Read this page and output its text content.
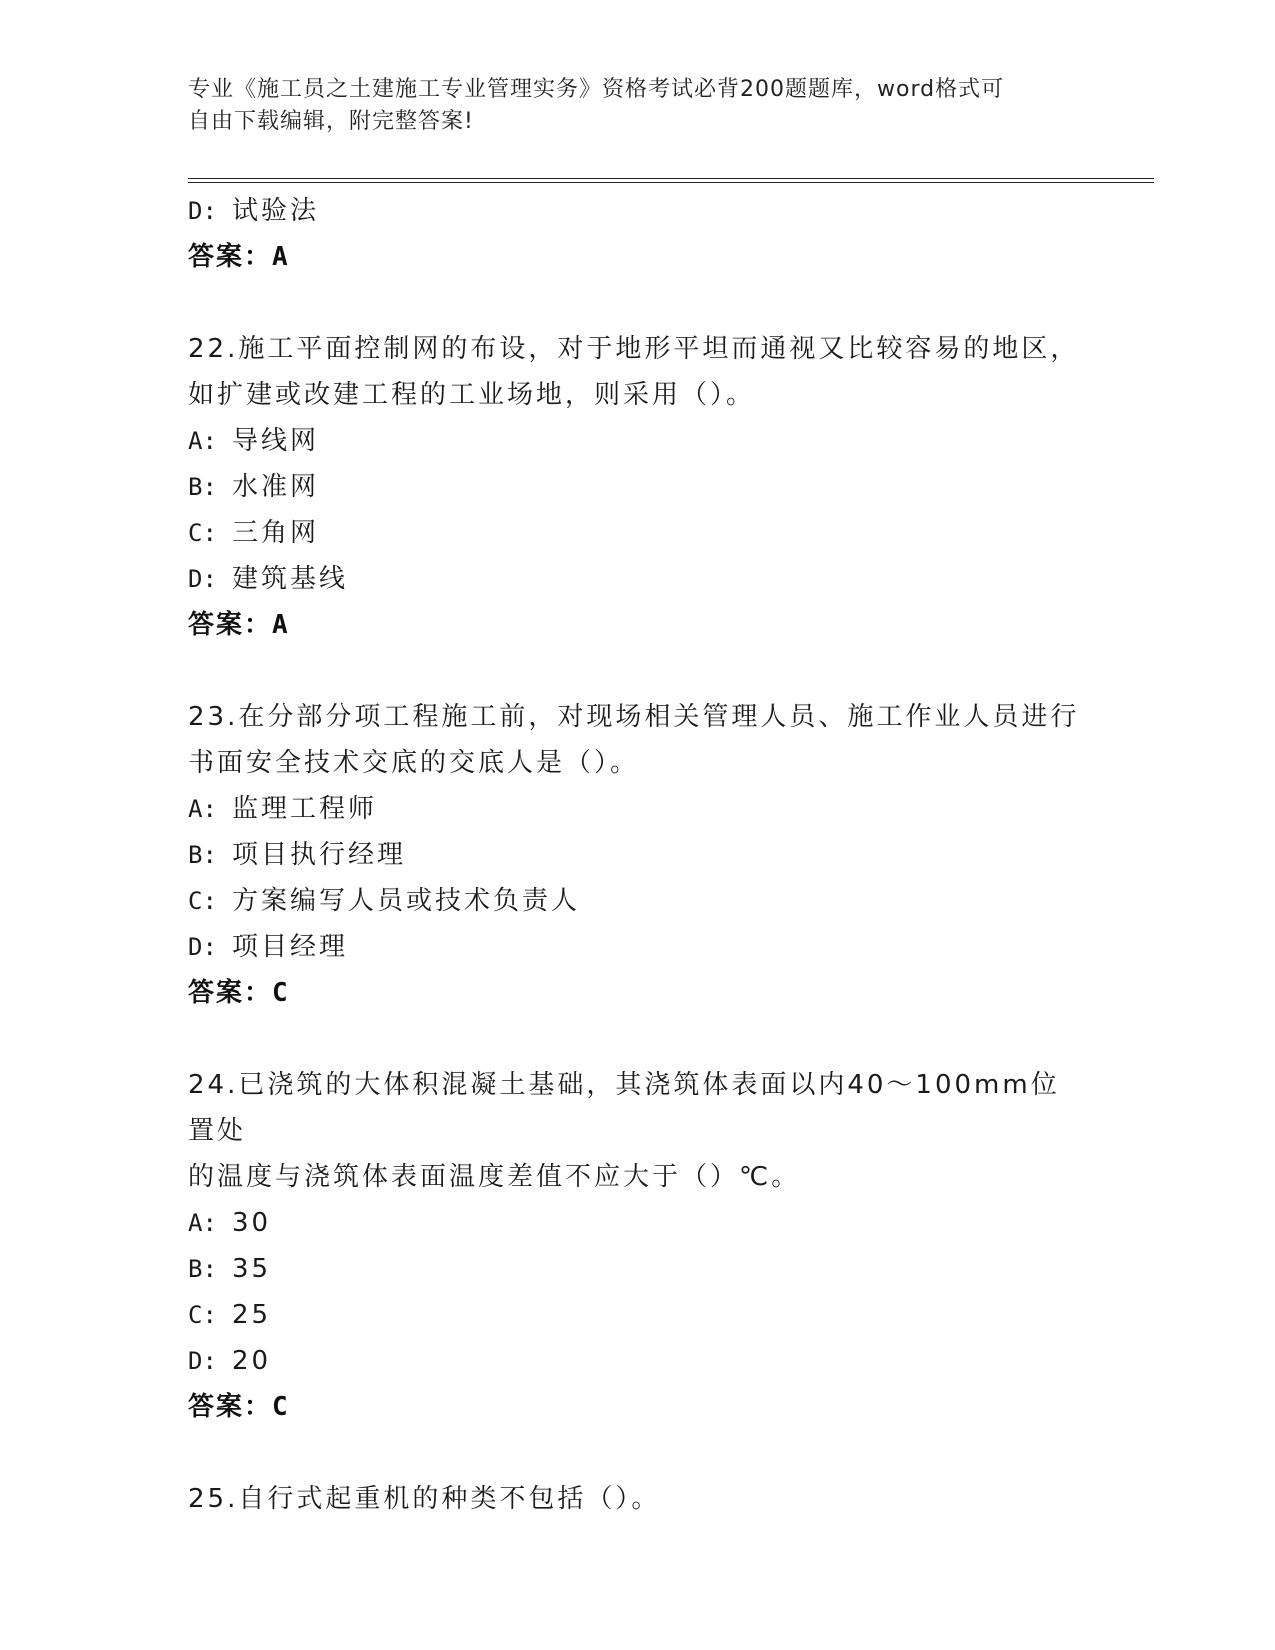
专业《施工员之土建施工专业管理实务》资格考试必背200题题库，word格式可
自由下载编辑，附完整答案!
D: 试验法
答案：A
22.施工平面控制网的布设，对于地形平坦而通视又比较容易的地区，
如扩建或改建工程的工业场地，则采用（）。
A: 导线网
B: 水准网
C: 三角网
D: 建筑基线
答案：A
23.在分部分项工程施工前，对现场相关管理人员、施工作业人员进行
书面安全技术交底的交底人是（）。
A: 监理工程师
B: 项目执行经理
C: 方案编写人员或技术负责人
D: 项目经理
答案：C
24.已浇筑的大体积混凝土基础，其浇筑体表面以内40～100mm位置处
的温度与浇筑体表面温度差值不应大于（）℃。
A: 30
B: 35
C: 25
D: 20
答案：C
25.自行式起重机的种类不包括（）。
